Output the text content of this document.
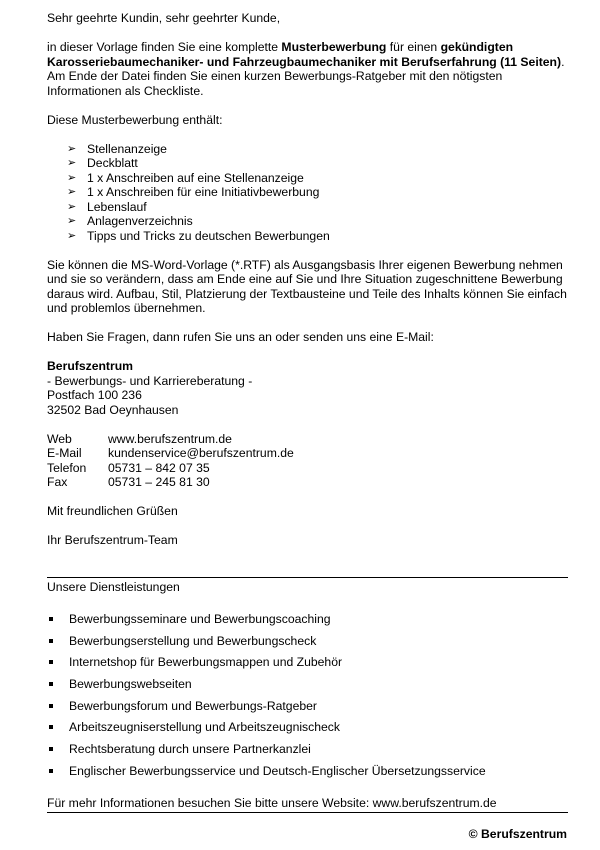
Sehr geehrte Kundin, sehr geehrter Kunde,

in dieser Vorlage finden Sie eine komplette Musterbewerbung für einen gekündigten Karosseriebaumechaniker- und Fahrzeugbaumechaniker mit Berufserfahrung (11 Seiten). Am Ende der Datei finden Sie einen kurzen Bewerbungs-Ratgeber mit den nötigsten Informationen als Checkliste.

Diese Musterbewerbung enthält:

➢ Stellenanzeige
➢ Deckblatt
➢ 1 x Anschreiben auf eine Stellenanzeige
➢ 1 x Anschreiben für eine Initiativbewerbung
➢ Lebenslauf
➢ Anlagenverzeichnis
➢ Tipps und Tricks zu deutschen Bewerbungen

Sie können die MS-Word-Vorlage (*.RTF) als Ausgangsbasis Ihrer eigenen Bewerbung nehmen und sie so verändern, dass am Ende eine auf Sie und Ihre Situation zugeschnittene Bewerbung daraus wird. Aufbau, Stil, Platzierung der Textbausteine und Teile des Inhalts können Sie einfach und problemlos übernehmen.

Haben Sie Fragen, dann rufen Sie uns an oder senden uns eine E-Mail:

Berufszentrum

- Bewerbungs- und Karriereberatung -

Postfach 100 236

32502 Bad Oeynhausen

Web	www.berufszentrum.de
E-Mail	kundenservice@berufszentrum.de
Telefon	05731 – 842 07 35
Fax	05731 – 245 81 30

Mit freundlichen Grüßen

Ihr Berufszentrum-Team

Unsere Dienstleistungen
Bewerbungsseminare und Bewerbungscoaching
Bewerbungserstellung und Bewerbungscheck
Internetshop für Bewerbungsmappen und Zubehör
Bewerbungswebseiten
Bewerbungsforum und Bewerbungs-Ratgeber
Arbeitszeugniserstellung und Arbeitszeugnischeck
Rechtsberatung durch unsere Partnerkanzlei
Englischer Bewerbungsservice und Deutsch-Englischer Übersetzungsservice
Für mehr Informationen besuchen Sie bitte unsere Website: www.berufszentrum.de
© Berufszentrum
